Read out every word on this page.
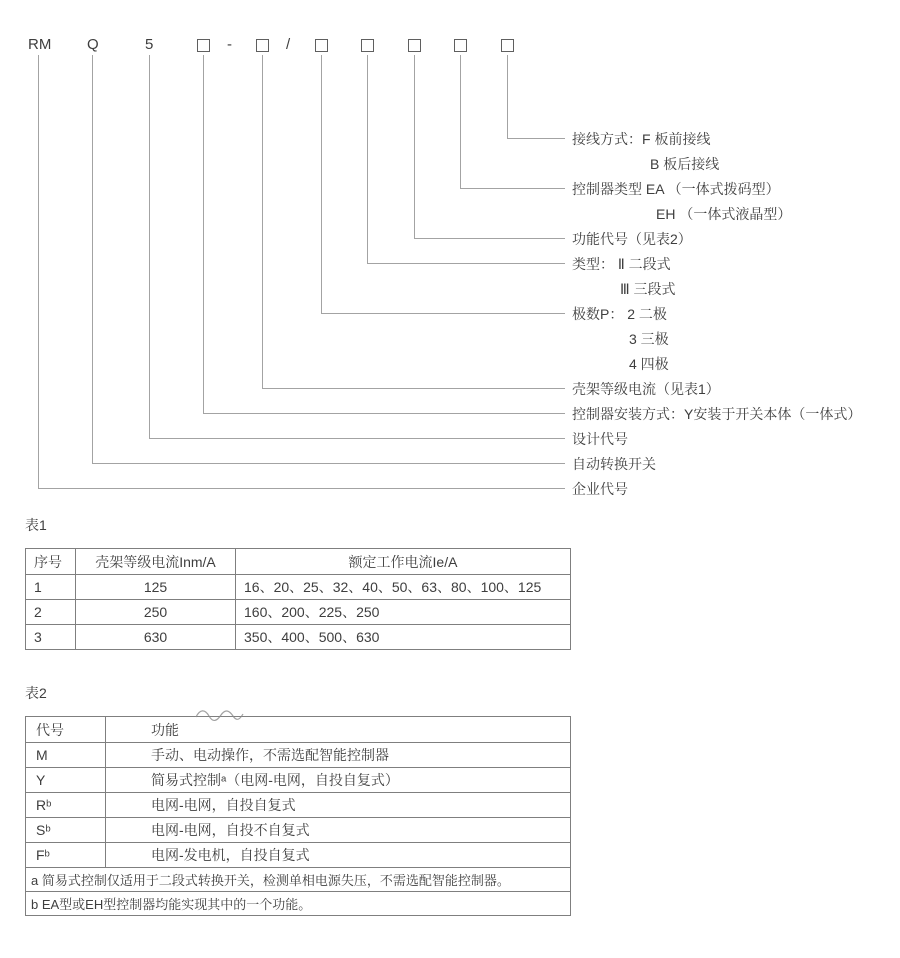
RM Q	5	-	/
接线方式：F 板前接线
B 板后接线
控制器类型 EA （一体式拨码型）
EH （一体式液晶型）
功能代号（见表2）
类型： Ⅱ 二段式
Ⅲ 三段式
极数P： 2 二极
3 三极
4 四极
壳架等级电流（见表1）
控制器安装方式：Y安装于开关本体（一体式）
设计代号
自动转换开关
企业代号
表1
序号	壳架等级电流Inm/A	额定工作电流Ie/A
1	125	16、20、25、32、40、50、63、80、100、125
2	250	160、200、225、250
3	630	350、400、500、630
表2
代号	功能
M	手动、电动操作，不需选配智能控制器
Y	简易式控制ᵃ（电网-电网，自投自复式）
Rᵇ	电网-电网，自投自复式
Sᵇ	电网-电网，自投不自复式
Fᵇ	电网-发电机，自投自复式
a 简易式控制仅适用于二段式转换开关，检测单相电源失压，不需选配智能控制器。	
b EA型或EH型控制器均能实现其中的一个功能。	
